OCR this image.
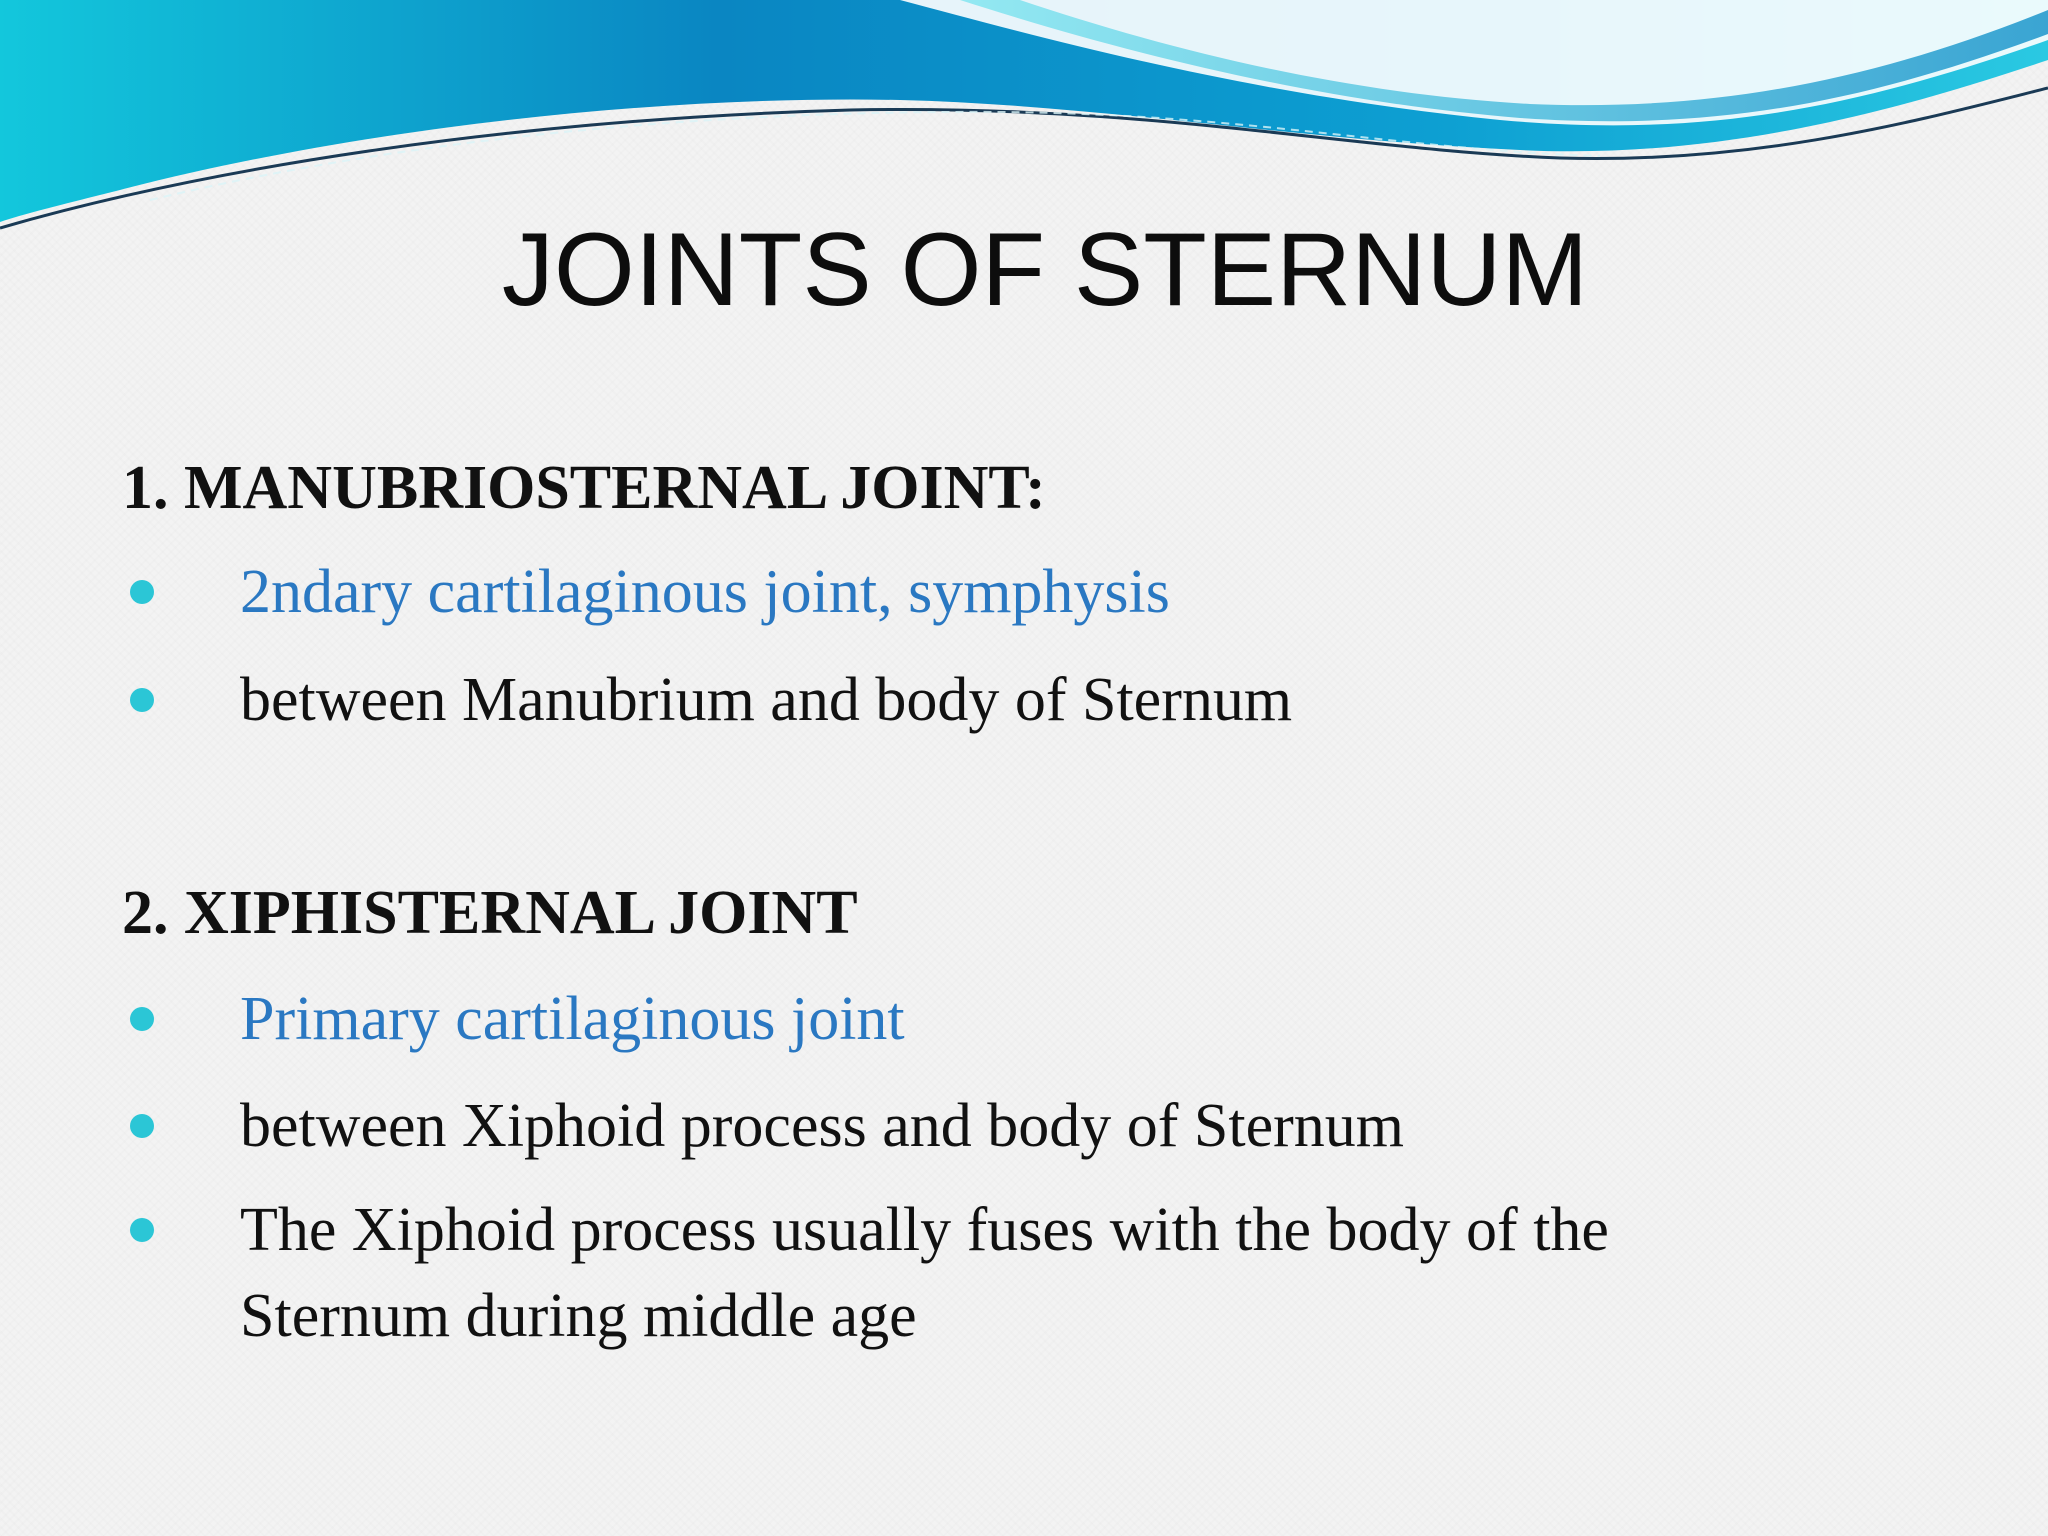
JOINTS OF STERNUM
1. MANUBRIOSTERNAL JOINT:
2ndary cartilaginous joint, symphysis
between Manubrium and body of Sternum
2. XIPHISTERNAL JOINT
Primary cartilaginous joint
between Xiphoid process and body of Sternum
The Xiphoid process usually fuses with the body of the
Sternum during middle age
